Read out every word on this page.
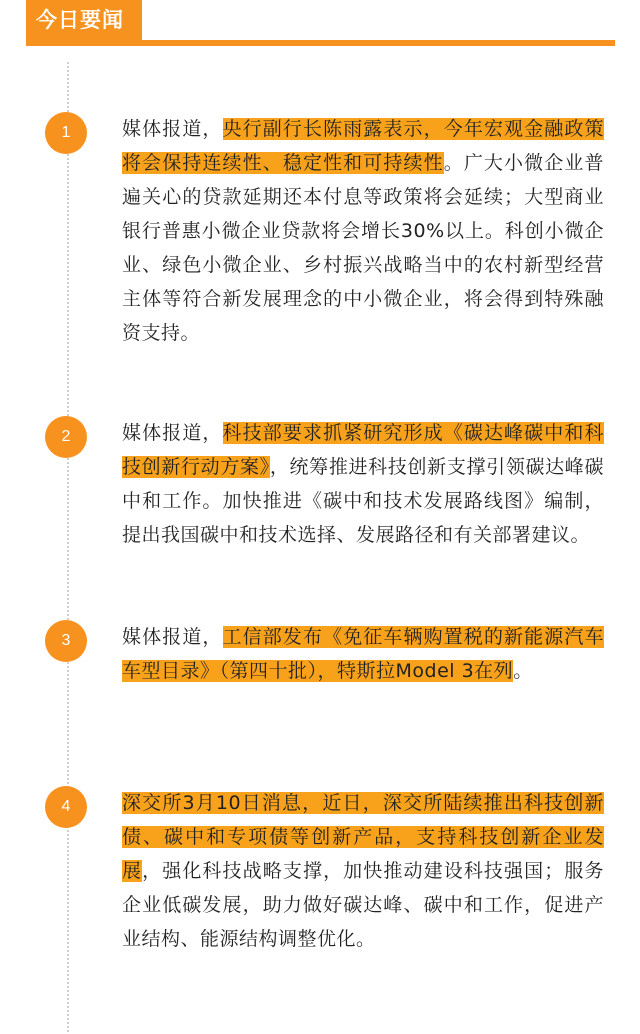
今日要闻
1	媒体报道，央行副行长陈雨露表示，今年宏观金融政策将会保持连续性、稳定性和可持续性。广大小微企业普遍关心的贷款延期还本付息等政策将会延续；大型商业银行普惠小微企业贷款将会增长30%以上。科创小微企业、绿色小微企业、乡村振兴战略当中的农村新型经营主体等符合新发展理念的中小微企业，将会得到特殊融资支持。
2	媒体报道，科技部要求抓紧研究形成《碳达峰碳中和科技创新行动方案》，统筹推进科技创新支撑引领碳达峰碳中和工作。加快推进《碳中和技术发展路线图》编制，提出我国碳中和技术选择、发展路径和有关部署建议。
3	媒体报道，工信部发布《免征车辆购置税的新能源汽车车型目录》（第四十批），特斯拉Model 3在列。
4	深交所3月10日消息，近日，深交所陆续推出科技创新债、碳中和专项债等创新产品，支持科技创新企业发展，强化科技战略支撑，加快推动建设科技强国；服务企业低碳发展，助力做好碳达峰、碳中和工作，促进产业结构、能源结构调整优化。
